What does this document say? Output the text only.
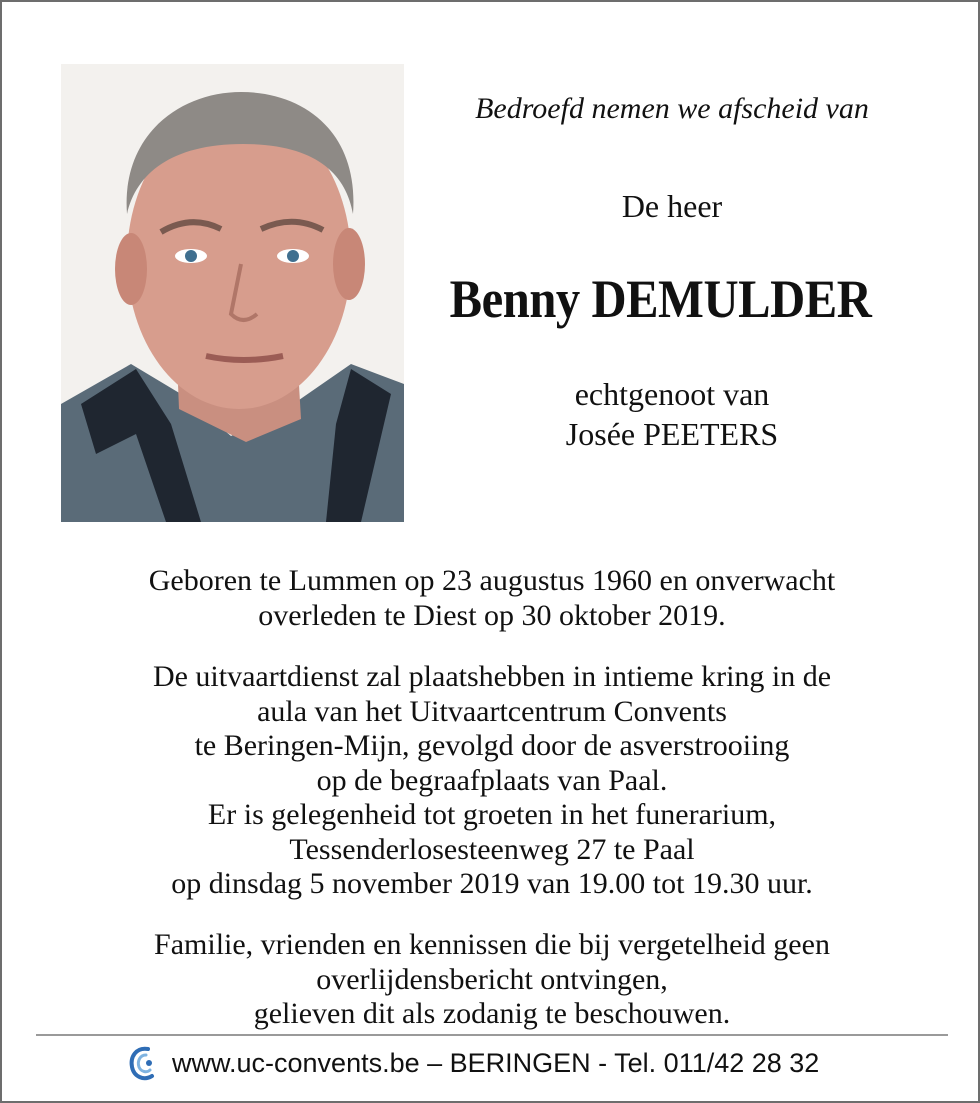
Bedroefd nemen we afscheid van
De heer
Benny DEMULDER
echtgenoot van
Josée PEETERS

Geboren te Lummen op 23 augustus 1960 en onverwacht

overleden te Diest op 30 oktober 2019.

De uitvaartdienst zal plaatshebben in intieme kring in de

aula van het Uitvaartcentrum Convents

te Beringen-Mijn, gevolgd door de asverstrooiing

op de begraafplaats van Paal.

Er is gelegenheid tot groeten in het funerarium,

Tessenderlosesteenweg 27 te Paal

op dinsdag 5 november 2019 van 19.00 tot 19.30 uur.

Familie, vrienden en kennissen die bij vergetelheid geen

overlijdensbericht ontvingen,

gelieven dit als zodanig te beschouwen.

www.uc-convents.be – BERINGEN - Tel. 011/42 28 32
